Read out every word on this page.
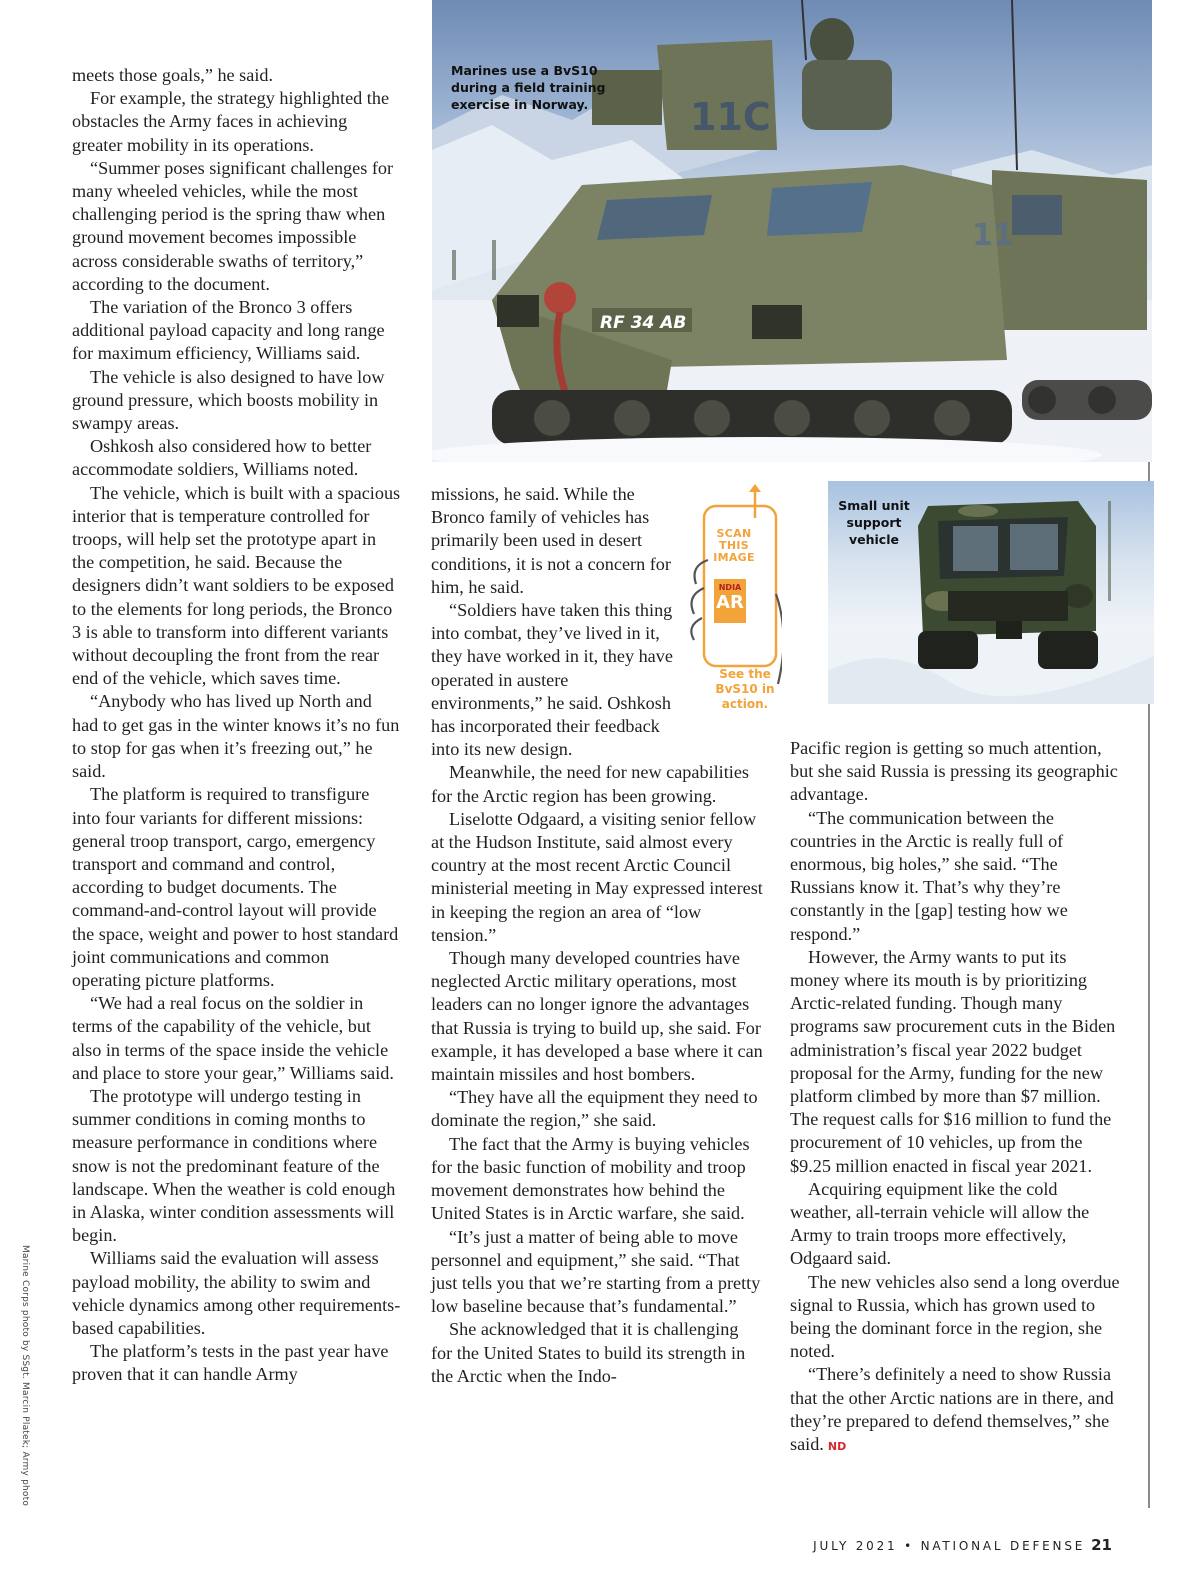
11C
11
RF 34 AB
Marines use a BvS10 during a field training exercise in Norway.
Small unit support vehicle
NDIA
AR
SCAN THIS IMAGE
See the BvS10 in action.

meets those goals,” he said.

For example, the strategy highlighted the obstacles the Army faces in achieving greater mobility in its operations.

“Summer poses significant challenges for many wheeled vehicles, while the most challenging period is the spring thaw when ground movement becomes impossible across considerable swaths of territory,” according to the document.

The variation of the Bronco 3 offers additional payload capacity and long range for maximum efficiency, Williams said.

The vehicle is also designed to have low ground pressure, which boosts mobility in swampy areas.

Oshkosh also considered how to better accommodate soldiers, Williams noted.

The vehicle, which is built with a spacious interior that is temperature controlled for troops, will help set the prototype apart in the competition, he said. Because the designers didn’t want soldiers to be exposed to the elements for long periods, the Bronco 3 is able to transform into different variants without decoupling the front from the rear end of the vehicle, which saves time.

“Anybody who has lived up North and had to get gas in the winter knows it’s no fun to stop for gas when it’s freezing out,” he said.

The platform is required to transfigure into four variants for different missions: general troop transport, cargo, emergency transport and command and control, according to budget documents. The command-and-control layout will provide the space, weight and power to host standard joint communications and common operating picture platforms.

“We had a real focus on the soldier in terms of the capability of the vehicle, but also in terms of the space inside the vehicle and place to store your gear,” Williams said.

The prototype will undergo testing in summer conditions in coming months to measure performance in conditions where snow is not the predominant feature of the landscape. When the weather is cold enough in Alaska, winter condition assessments will begin.

Williams said the evaluation will assess payload mobility, the ability to swim and vehicle dynamics among other requirements-based capabilities.

The platform’s tests in the past year have proven that it can handle Army

missions, he said. While the Bronco family of vehicles has primarily been used in desert conditions, it is not a concern for him, he said.

“Soldiers have taken this thing into combat, they’ve lived in it, they have worked in it, they have operated in austere environments,” he said. Oshkosh has incorporated their feedback into its new design.

Meanwhile, the need for new capabilities for the Arctic region has been growing.

Liselotte Odgaard, a visiting senior fellow at the Hudson Institute, said almost every country at the most recent Arctic Council ministerial meeting in May expressed interest in keeping the region an area of “low tension.”

Though many developed countries have neglected Arctic military operations, most leaders can no longer ignore the advantages that Russia is trying to build up, she said. For example, it has developed a base where it can maintain missiles and host bombers.

“They have all the equipment they need to dominate the region,” she said.

The fact that the Army is buying vehicles for the basic function of mobility and troop movement demonstrates how behind the United States is in Arctic warfare, she said.

“It’s just a matter of being able to move personnel and equipment,” she said. “That just tells you that we’re starting from a pretty low baseline because that’s fundamental.”

She acknowledged that it is challenging for the United States to build its strength in the Arctic when the Indo-

Pacific region is getting so much attention, but she said Russia is pressing its geographic advantage.

“The communication between the countries in the Arctic is really full of enormous, big holes,” she said. “The Russians know it. That’s why they’re constantly in the [gap] testing how we respond.”

However, the Army wants to put its money where its mouth is by prioritizing Arctic-related funding. Though many programs saw procurement cuts in the Biden administration’s fiscal year 2022 budget proposal for the Army, funding for the new platform climbed by more than $7 million. The request calls for $16 million to fund the procurement of 10 vehicles, up from the $9.25 million enacted in fiscal year 2021.

Acquiring equipment like the cold weather, all-terrain vehicle will allow the Army to train troops more effectively, Odgaard said.

The new vehicles also send a long overdue signal to Russia, which has grown used to being the dominant force in the region, she noted.

“There’s definitely a need to show Russia that the other Arctic nations are in there, and they’re prepared to defend themselves,” she said. ND

Marine Corps photo by SSgt. Marcin Platek; Army photo
JULY 2021 • NATIONAL DEFENSE 21
